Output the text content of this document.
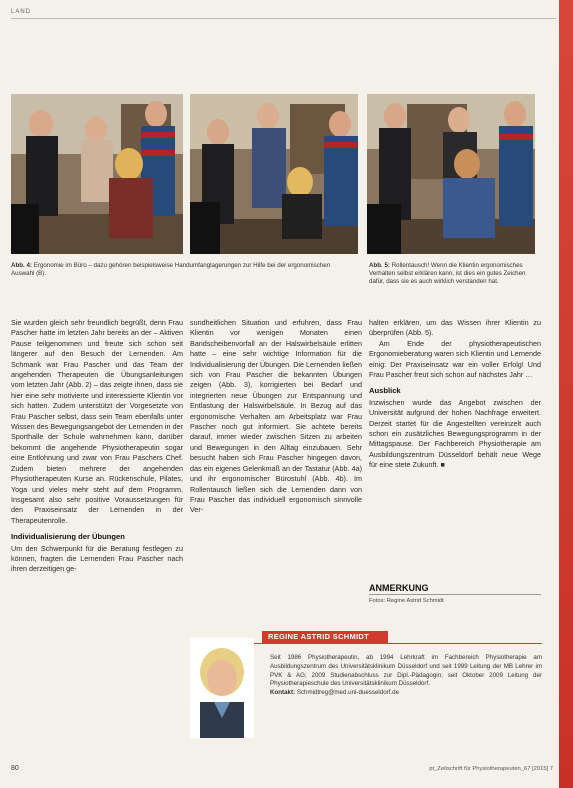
LAND
Abb. 4: Ergonomie im Büro – dazu gehören beispielsweise Handumfanglagerungen zur Hilfe bei der ergonomischen Auswahl (B).
Abb. 5: Rollentausch! Wenn die Klientin ergonomisches Verhalten selbst erklären kann, ist dies ein gutes Zeichen dafür, dass sie es auch wirklich verstanden hat.

Sie wurden gleich sehr freundlich begrüßt, denn Frau Pascher hatte im letzten Jahr bereits an der – Aktiven Pause teilgenommen und freute sich schon seit längerer auf den Besuch der Lernenden. Am Schmank war Frau Pascher und das Team der angehenden Therapeuten die Übungsanleitungen vom letzten Jahr (Abb. 2) – das zeigte ihnen, dass sie hier eine sehr motivierte und interessierte Klientin vor sich hatten. Zudem unterstützt der Vorgesetzte von Frau Pascher selbst, dass sein Team ebenfalls unter Wissen des Bewegungsangebot der Lernenden in der Sporthalle der Schule wahrnehmen kann, darüber bekommt die angehende Physiotherapeutin sogar eine Entlohnung und zwar von Frau Paschers Chef. Zudem bieten mehrere der angehenden Physiotherapeuten Kurse an. Rückenschule, Pilates, Yoga und vieles mehr steht auf dem Programm. Insgesamt also sehr positive Voraussetzungen für den Praxiseinsatz der Lernenden in der Therapeutenrolle.

Individualisierung der Übungen

Um den Schwerpunkt für die Beratung festlegen zu können, fragten die Lernenden Frau Pascher nach ihren derzeitigen ge-

sundheitlichen Situation und erfuhren, dass Frau Klientin vor wenigen Monaten einen Bandscheibenvorfall an der Halswirbelsäule erlitten hatte – eine sehr wichtige Information für die Individualisierung der Übungen. Die Lernenden ließen sich von Frau Pascher die bekannten Übungen zeigen (Abb. 3), korrigierten bei Bedarf und integrierten neue Übungen zur Entspannung und Entlastung der Halswirbelsäule. In Bezug auf das ergonomische Verhalten am Arbeitsplatz war Frau Pascher noch gut informiert. Sie achtete bereits darauf, immer wieder zwischen Sitzen zu arbeiten und Bewegungen in den Alltag einzubauen. Sehr besucht haben sich Frau Pascher hingegen davon, das ein eigenes Gelenkmaß an der Tastatur (Abb. 4a) und ihr ergonomischer Bürostuhl (Abb. 4b). Im Rollentausch ließen sich die Lernenden dann von Frau Pascher das individuell ergonomisch sinnvolle Ver-

halten erklären, um das Wissen ihrer Klientin zu überprüfen (Abb. 5).

Am Ende der physiotherapeutischen Ergonomieberatung waren sich Klientin und Lernende einig: Der Praxiseinsatz war ein voller Erfolg! Und Frau Pascher freut sich schon auf nächstes Jahr …

Ausblick

Inzwischen wurde das Angebot zwischen der Universität aufgrund der hohen Nachfrage erweitert. Derzeit startet für die Angestellten vereinzelt auch schon ein zusätzliches Bewegungsprogramm in der Mittagspause. Der Fachbereich Physiotherapie am Ausbildungszentrum Düsseldorf behält neue Wege für eine stete Zukunft. ■

ANMERKUNG
Fotos: Regine Astrid Schmidt
REGINE ASTRID SCHMIDT
Seit 1986 Physiotherapeutin, ab 1994 Lehrkraft im Fachbereich Physiotherapie am Ausbildungszentrum des Universitätsklinikum Düsseldorf und seit 1999 Leitung der MB Lehrer im PVK & AG; 2009 Studienabschluss zur Dipl.-Pädagogin; seit Oktober 2009 Leitung der Physiotherapieschule des Universitätsklinikum Düsseldorf.
Kontakt: Schmidtreg@med.uni-duesseldorf.de
80	pt_Zeitschrift für Physiotherapeuten_67 [2015] 7
